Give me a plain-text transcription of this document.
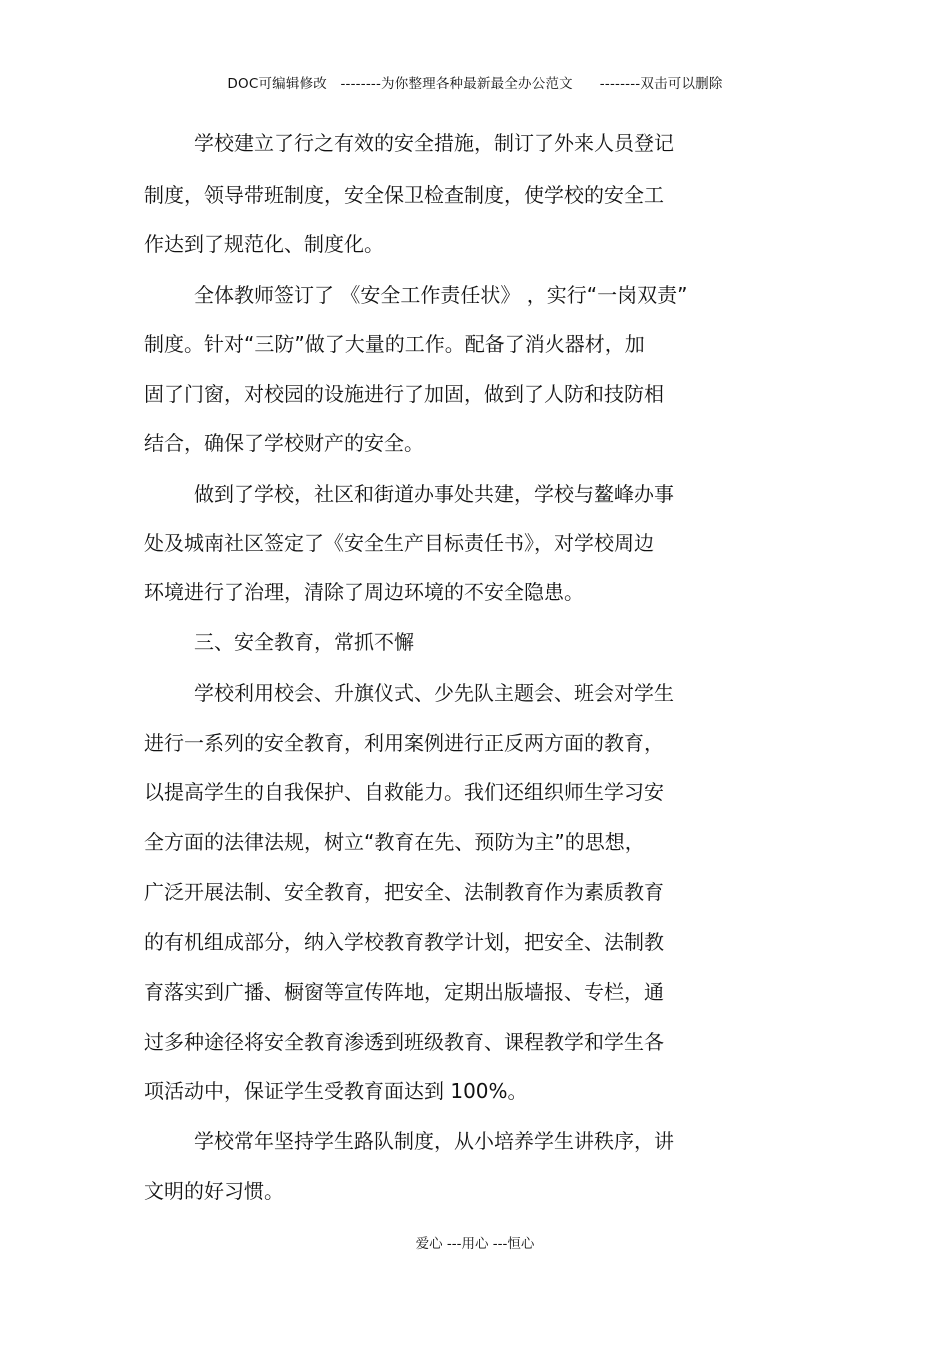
DOC可编辑修改 --------为你整理各种最新最全办公范文 --------双击可以删除
学校建立了行之有效的安全措施，制订了外来人员登记
制度，领导带班制度，安全保卫检查制度，使学校的安全工
作达到了规范化、制度化。
全体教师签订了 《安全工作责任状》 ，实行“一岗双责”
制度。针对“三防”做了大量的工作。配备了消火器材，加
固了门窗，对校园的设施进行了加固，做到了人防和技防相
结合，确保了学校财产的安全。
做到了学校，社区和街道办事处共建，学校与鳌峰办事
处及城南社区签定了《安全生产目标责任书》，对学校周边
环境进行了治理，清除了周边环境的不安全隐患。
三、安全教育，常抓不懈
学校利用校会、升旗仪式、少先队主题会、班会对学生
进行一系列的安全教育，利用案例进行正反两方面的教育，
以提高学生的自我保护、自救能力。我们还组织师生学习安
全方面的法律法规，树立“教育在先、预防为主”的思想，
广泛开展法制、安全教育，把安全、法制教育作为素质教育
的有机组成部分，纳入学校教育教学计划，把安全、法制教
育落实到广播、橱窗等宣传阵地，定期出版墙报、专栏，通
过多种途径将安全教育渗透到班级教育、课程教学和学生各
项活动中，保证学生受教育面达到 100%。
学校常年坚持学生路队制度，从小培养学生讲秩序，讲
文明的好习惯。
爱心 ---用心 ---恒心
